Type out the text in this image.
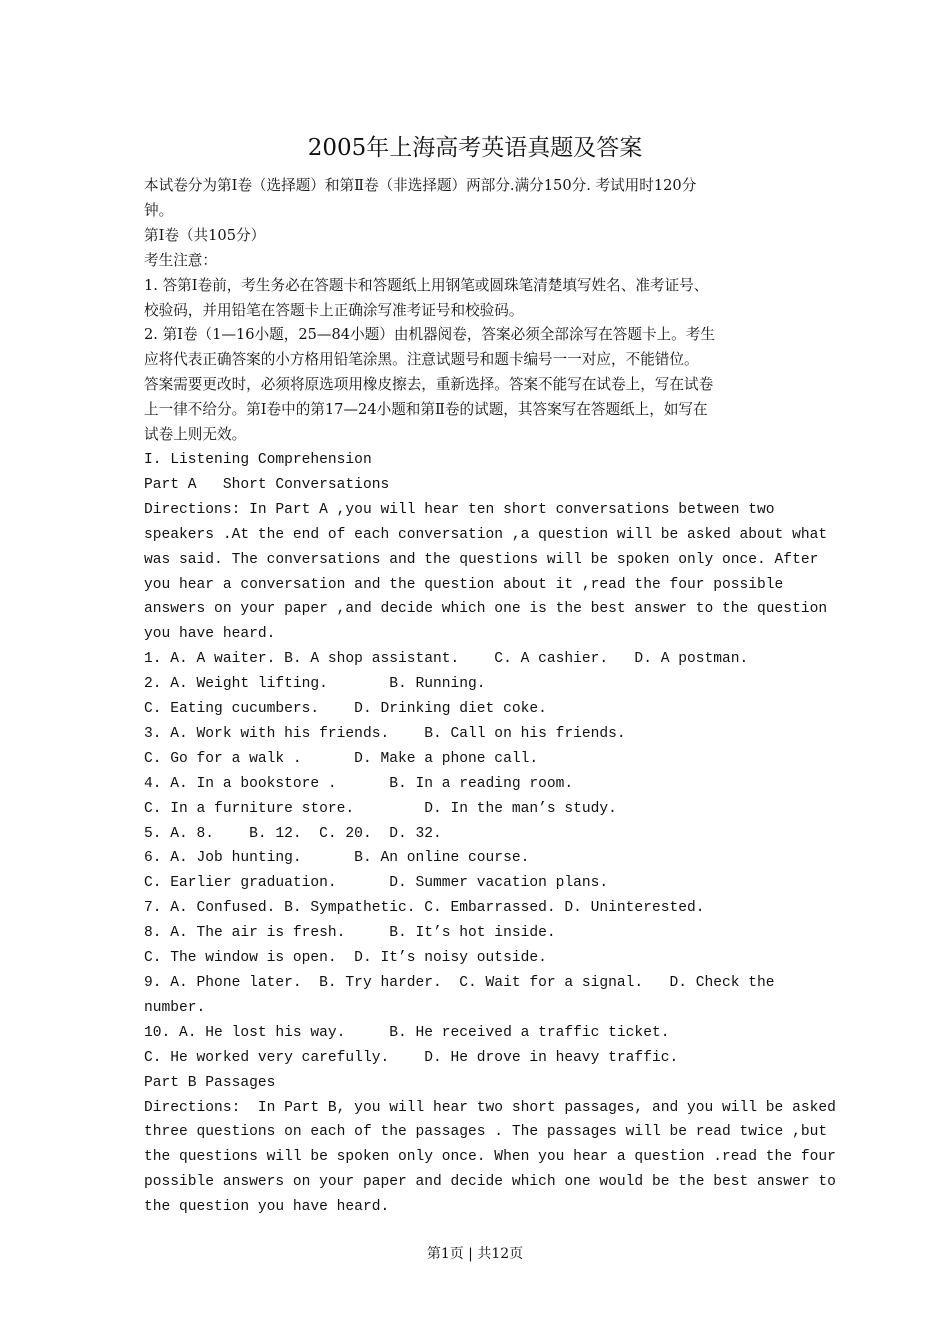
2005年上海高考英语真题及答案

本试卷分为第Ⅰ卷（选择题）和第Ⅱ卷（非选择题）两部分.满分150分. 考试用时120分

钟。

第Ⅰ卷（共105分）

考生注意：

1. 答第Ⅰ卷前，考生务必在答题卡和答题纸上用钢笔或圆珠笔清楚填写姓名、准考证号、

校验码，并用铅笔在答题卡上正确涂写准考证号和校验码。

2. 第Ⅰ卷（1—16小题，25—84小题）由机器阅卷，答案必须全部涂写在答题卡上。考生

应将代表正确答案的小方格用铅笔涂黑。注意试题号和题卡编号一一对应，不能错位。

答案需要更改时，必须将原选项用橡皮擦去，重新选择。答案不能写在试卷上，写在试卷

上一律不给分。第Ⅰ卷中的第17—24小题和第Ⅱ卷的试题，其答案写在答题纸上，如写在

试卷上则无效。

I. Listening Comprehension

Part A   Short Conversations

Directions: In Part A ,you will hear ten short conversations between two

speakers .At the end of each conversation ,a question will be asked about what

was said. The conversations and the questions will be spoken only once. After

you hear a conversation and the question about it ,read the four possible

answers on your paper ,and decide which one is the best answer to the question

you have heard.

1. A. A waiter. B. A shop assistant.    C. A cashier.   D. A postman.

2. A. Weight lifting.       B. Running.

C. Eating cucumbers.    D. Drinking diet coke.

3. A. Work with his friends.    B. Call on his friends.

C. Go for a walk .      D. Make a phone call.

4. A. In a bookstore .      B. In a reading room.

C. In a furniture store.        D. In the man’s study.

5. A. 8.    B. 12.  C. 20.  D. 32.

6. A. Job hunting.      B. An online course.

C. Earlier graduation.      D. Summer vacation plans.

7. A. Confused. B. Sympathetic. C. Embarrassed. D. Uninterested.

8. A. The air is fresh.     B. It’s hot inside.

C. The window is open.  D. It’s noisy outside.

9. A. Phone later.  B. Try harder.  C. Wait for a signal.   D. Check the

number.

10. A. He lost his way.     B. He received a traffic ticket.

C. He worked very carefully.    D. He drove in heavy traffic.

Part B Passages

Directions:  In Part B, you will hear two short passages, and you will be asked

three questions on each of the passages . The passages will be read twice ,but

the questions will be spoken only once. When you hear a question .read the four

possible answers on your paper and decide which one would be the best answer to

the question you have heard.

第1页 | 共12页
